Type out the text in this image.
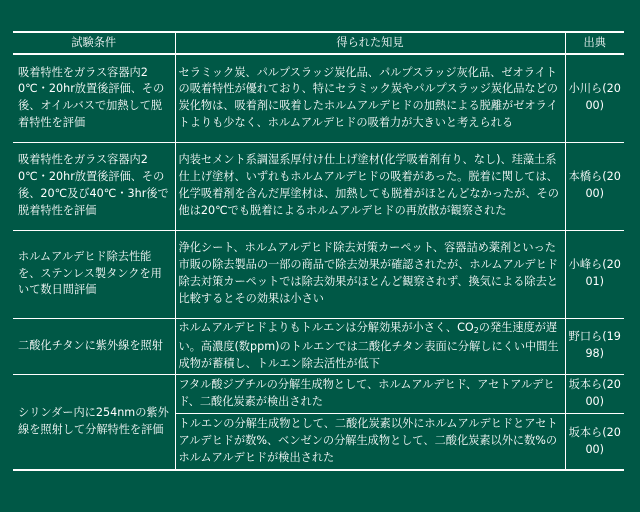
試験条件	得られた知見	出典
吸着特性をガラス容器内20℃・20hr放置後評価、その後、オイルバスで加熱して脱着特性を評価	セラミック炭、パルプスラッジ炭化品、パルプスラッジ灰化品、ゼオライトの吸着特性が優れており、特にセラミック炭やパルプスラッジ炭化品などの炭化物は、吸着剤に吸着したホルムアルデヒドの加熱による脱離がゼオライトよりも少なく、ホルムアルデヒドの吸着力が大きいと考えられる	小川ら(2000)
吸着特性をガラス容器内20℃・20hr放置後評価、その後、20℃及び40℃・3hr後で脱着特性を評価	内装セメント系調湿系厚付け仕上げ塗材(化学吸着剤有り、なし)、珪藻土系仕上げ塗材、いずれもホルムアルデヒドの吸着があった。脱着に関しては、化学吸着剤を含んだ厚塗材は、加熱しても脱着がほとんどなかったが、その他は20℃でも脱着によるホルムアルデヒドの再放散が観察された	本橋ら(2000)
ホルムアルデヒド除去性能を、ステンレス製タンクを用いて数日間評価	浄化シート、ホルムアルデヒド除去対策カーペット、容器詰め薬剤といった市販の除去製品の一部の商品で除去効果が確認されたが、ホルムアルデヒド除去対策カーペットでは除去効果がほとんど観察されず、換気による除去と比較するとその効果は小さい	小峰ら(2001)
二酸化チタンに紫外線を照射	ホルムアルデヒドよりもトルエンは分解効果が小さく、$CO_2$の発生速度が遅い。高濃度(数ppm)のトルエンでは二酸化チタン表面に分解しにくい中間生成物が蓄積し、トルエン除去活性が低下	野口ら(1998)
シリンダー内に254nmの紫外線を照射して分解特性を評価	フタル酸ジブチルの分解生成物として、ホルムアルデヒド、アセトアルデヒド、二酸化炭素が検出された	坂本ら(2000)
	トルエンの分解生成物として、二酸化炭素以外にホルムアルデヒドとアセトアルデヒドが数%、ベンゼンの分解生成物として、二酸化炭素以外に数%のホルムアルデヒドが検出された	坂本ら(2000)
